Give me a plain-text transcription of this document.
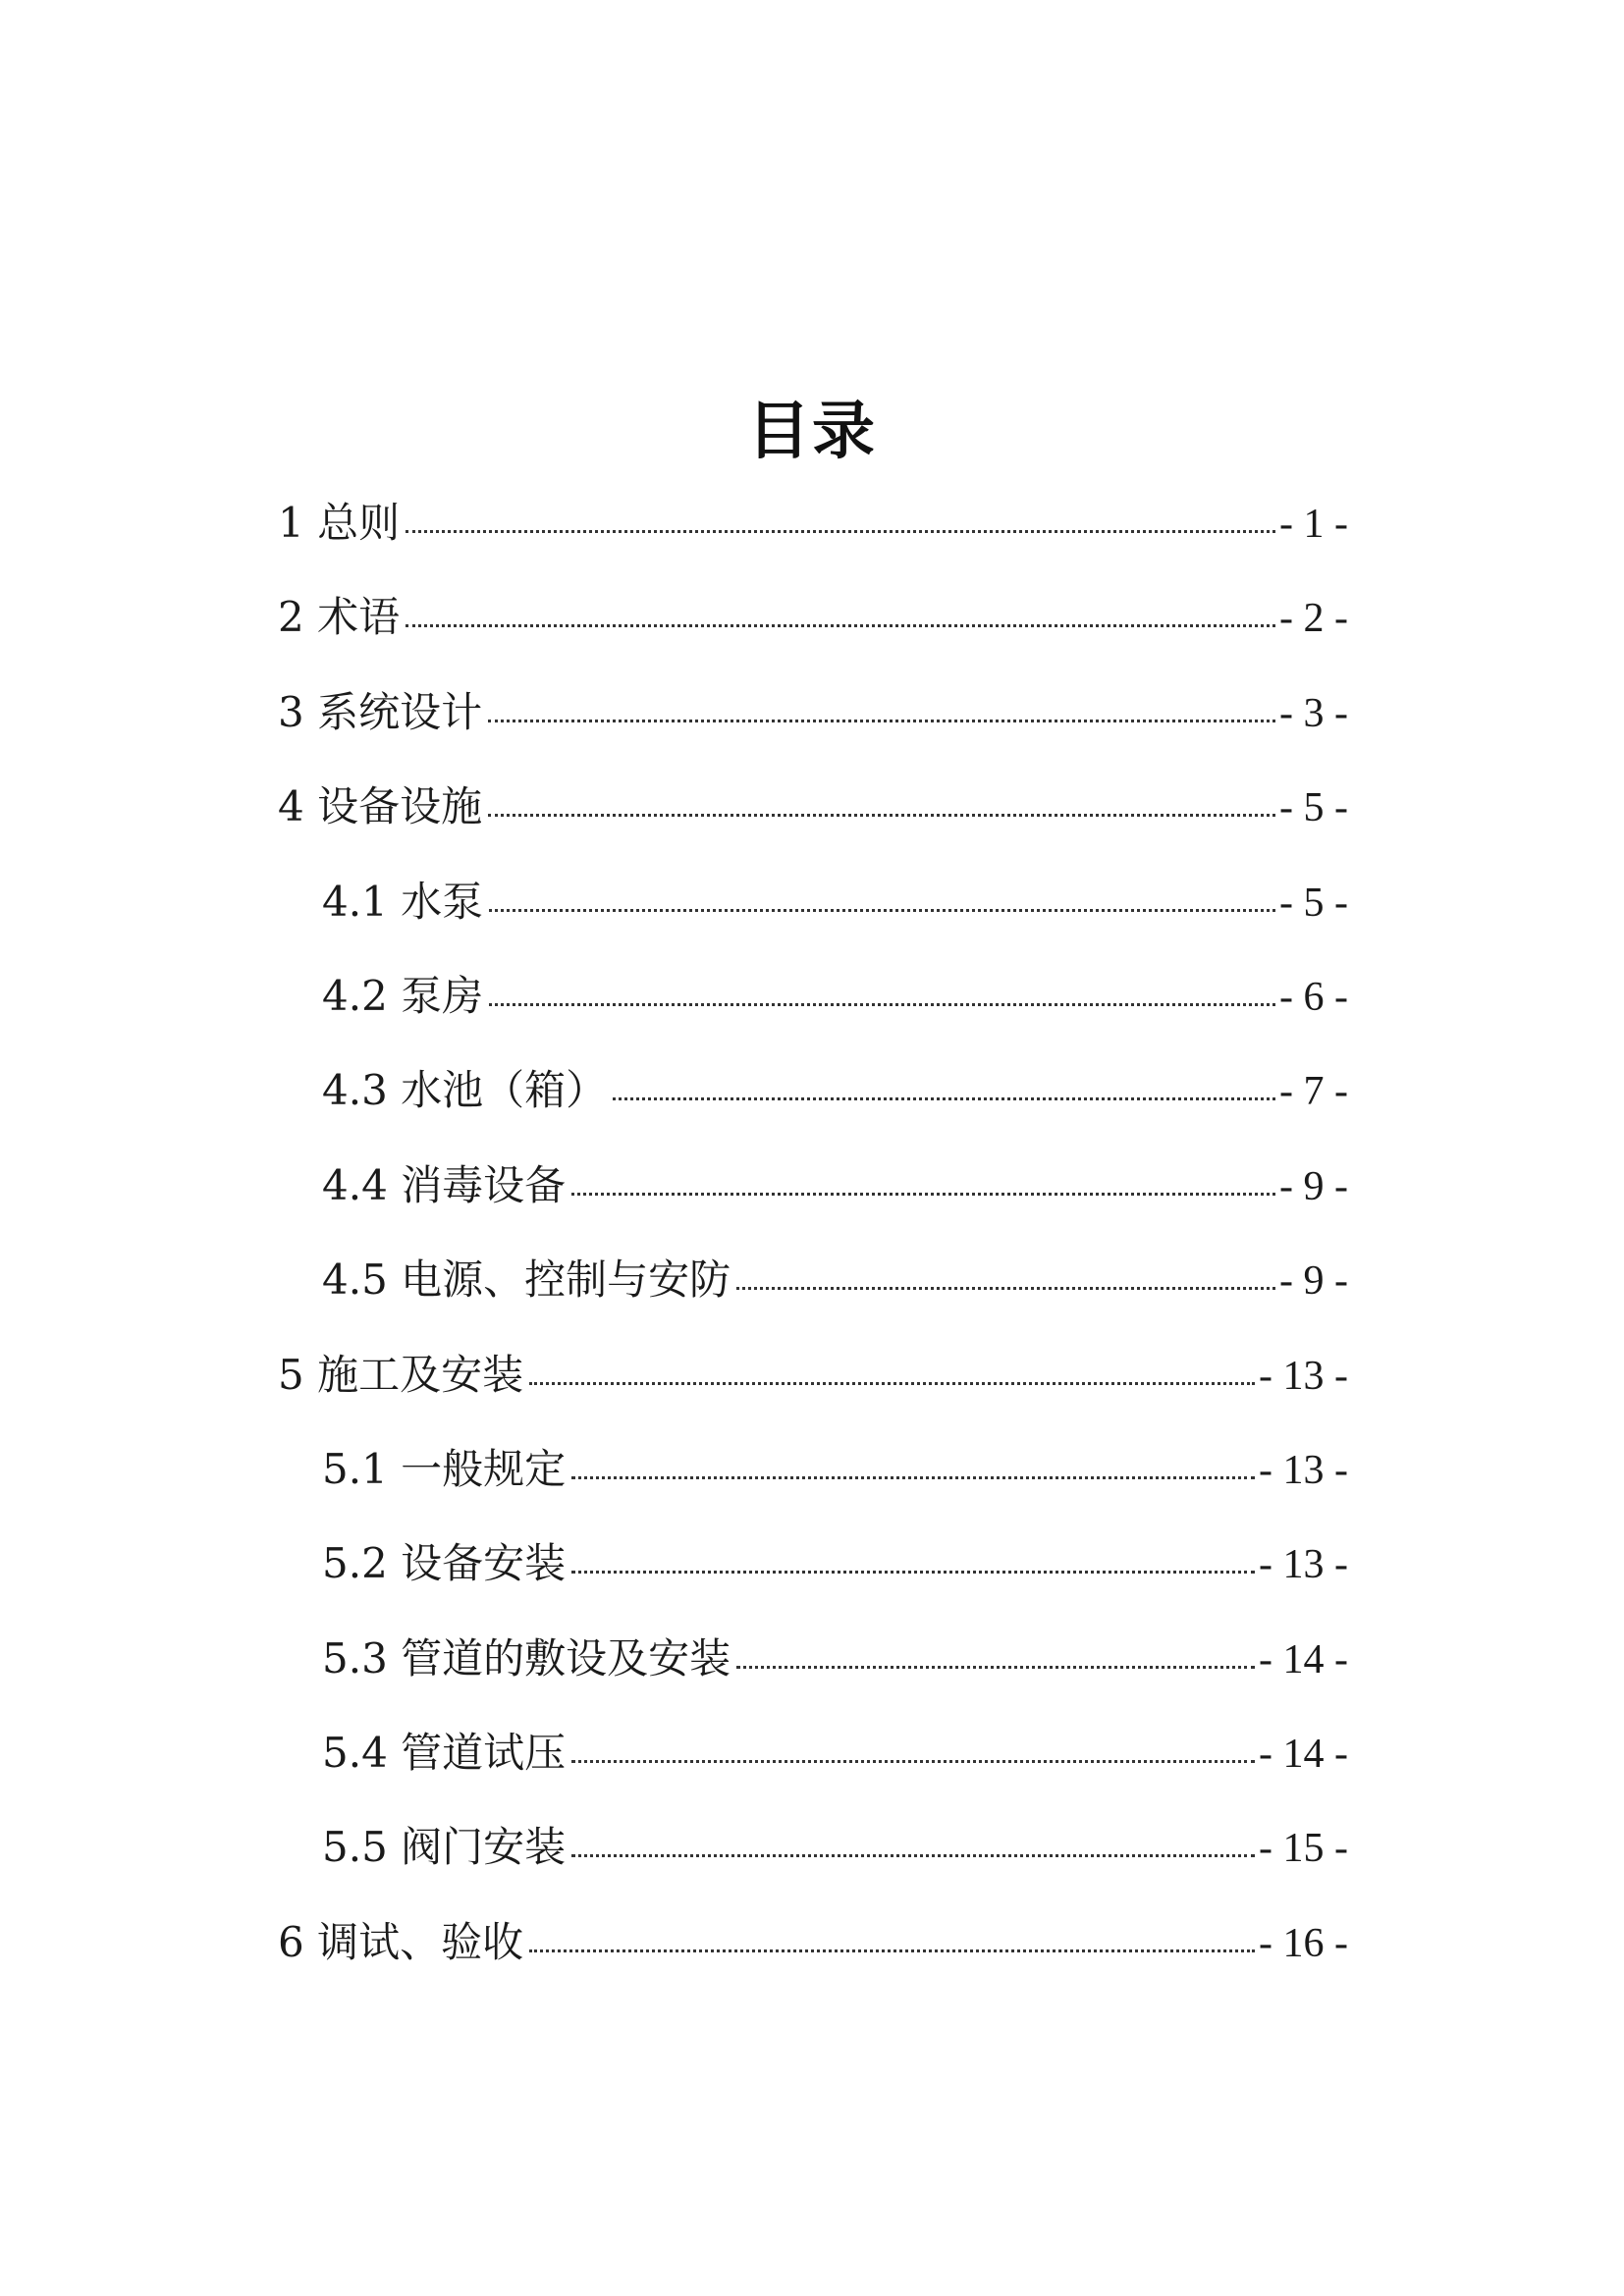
目录
1 总则	- 1 -
2 术语	- 2 -
3 系统设计	- 3 -
4 设备设施	- 5 -
4.1 水泵	- 5 -
4.2 泵房	- 6 -
4.3 水池（箱）	- 7 -
4.4 消毒设备	- 9 -
4.5 电源、控制与安防	- 9 -
5 施工及安装	- 13 -
5.1 一般规定	- 13 -
5.2 设备安装	- 13 -
5.3 管道的敷设及安装	- 14 -
5.4 管道试压	- 14 -
5.5 阀门安装	- 15 -
6 调试、验收	- 16 -
